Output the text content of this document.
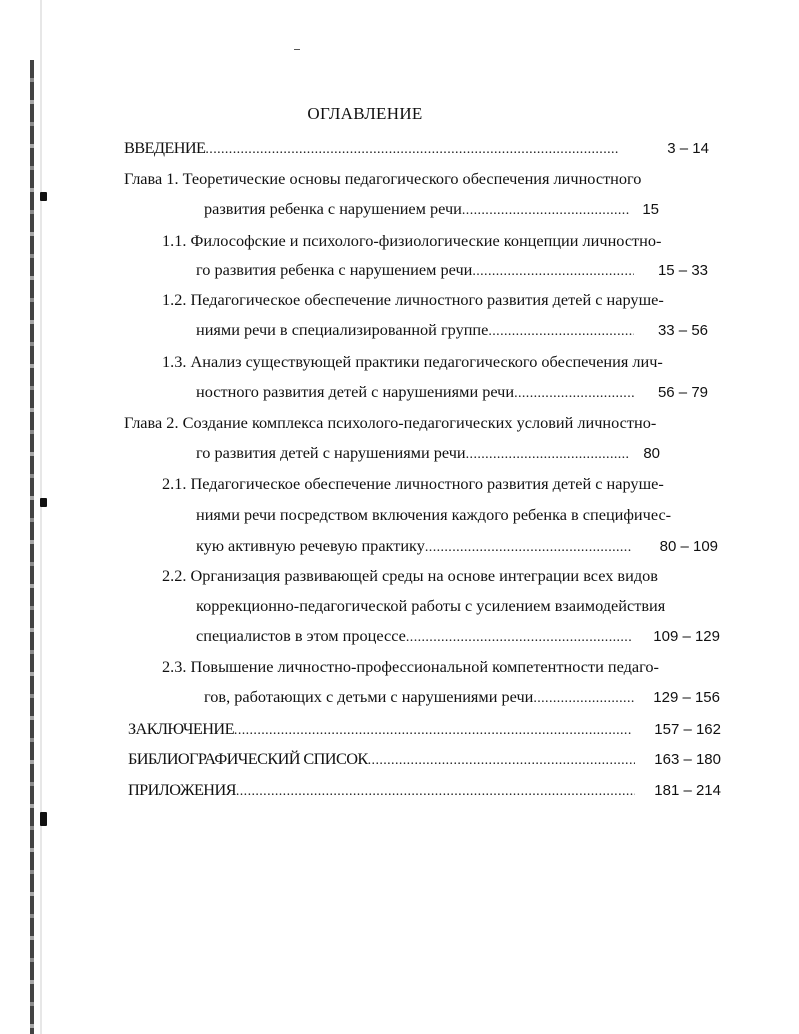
ОГЛАВЛЕНИЕ
ВВЕДЕНИЕ .....	3 – 14
Глава 1. Теоретические основы педагогического обеспечения личностного
развития ребенка с нарушением речи .....	15
1.1. Философские и психолого-физиологические концепции личностно-
го развития ребенка с нарушением речи .....	15 – 33
1.2. Педагогическое обеспечение личностного развития детей с наруше-
ниями речи в специализированной группе .....	33 – 56
1.3. Анализ существующей практики педагогического обеспечения лич-
ностного развития детей с нарушениями речи .....	56 – 79
Глава 2. Создание комплекса психолого-педагогических условий личностно-
го развития детей с нарушениями речи .....	80
2.1. Педагогическое обеспечение личностного развития детей с наруше-
ниями речи посредством включения каждого ребенка в специфичес-
кую активную речевую практику .....	80 – 109
2.2. Организация развивающей среды на основе интеграции всех видов
коррекционно-педагогической работы с усилением взаимодействия
специалистов в этом процессе .....	109 – 129
2.3. Повышение личностно-профессиональной компетентности педаго-
гов, работающих с детьми с нарушениями речи .....	129 – 156
ЗАКЛЮЧЕНИЕ .....	157 – 162
БИБЛИОГРАФИЧЕСКИЙ СПИСОК .....	163 – 180
ПРИЛОЖЕНИЯ .....	181 – 214
